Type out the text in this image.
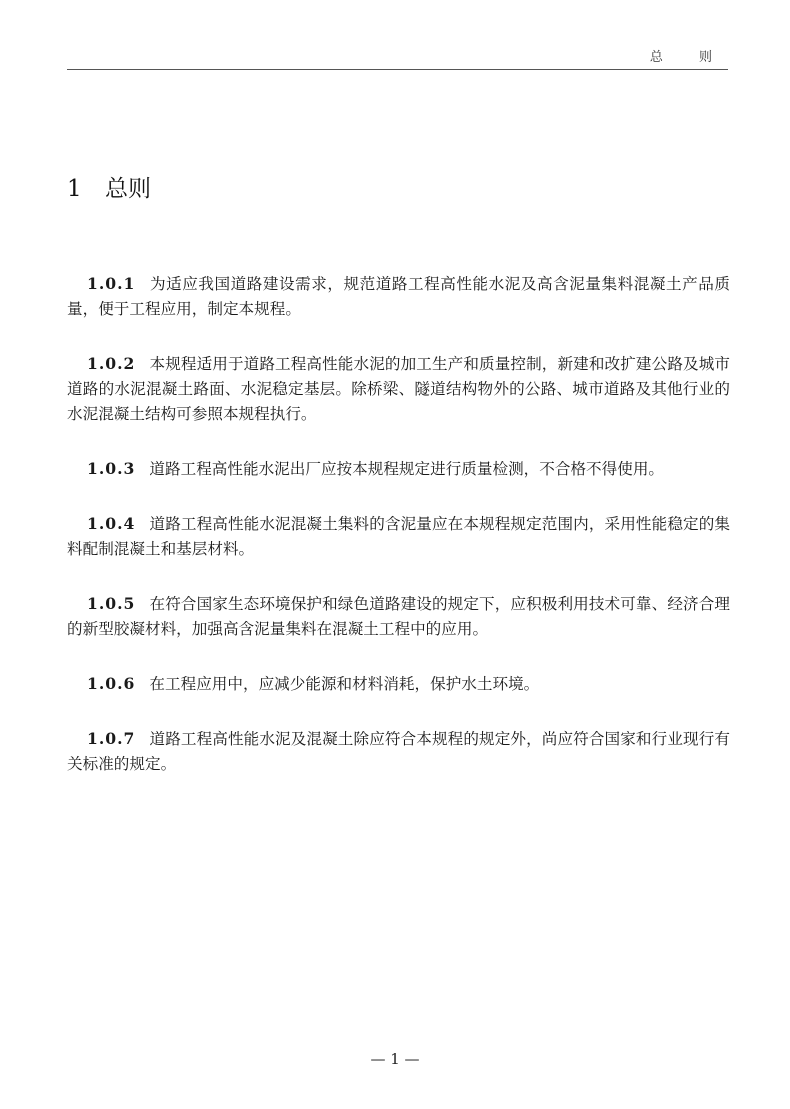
总 则
1 总则

1.0.1 为适应我国道路建设需求，规范道路工程高性能水泥及高含泥量集料混凝土产品质量，便于工程应用，制定本规程。

1.0.2 本规程适用于道路工程高性能水泥的加工生产和质量控制，新建和改扩建公路及城市道路的水泥混凝土路面、水泥稳定基层。除桥梁、隧道结构物外的公路、城市道路及其他行业的水泥混凝土结构可参照本规程执行。

1.0.3 道路工程高性能水泥出厂应按本规程规定进行质量检测，不合格不得使用。

1.0.4 道路工程高性能水泥混凝土集料的含泥量应在本规程规定范围内，采用性能稳定的集料配制混凝土和基层材料。

1.0.5 在符合国家生态环境保护和绿色道路建设的规定下，应积极利用技术可靠、经济合理的新型胶凝材料，加强高含泥量集料在混凝土工程中的应用。

1.0.6 在工程应用中，应减少能源和材料消耗，保护水土环境。

1.0.7 道路工程高性能水泥及混凝土除应符合本规程的规定外，尚应符合国家和行业现行有关标准的规定。

— 1 —
